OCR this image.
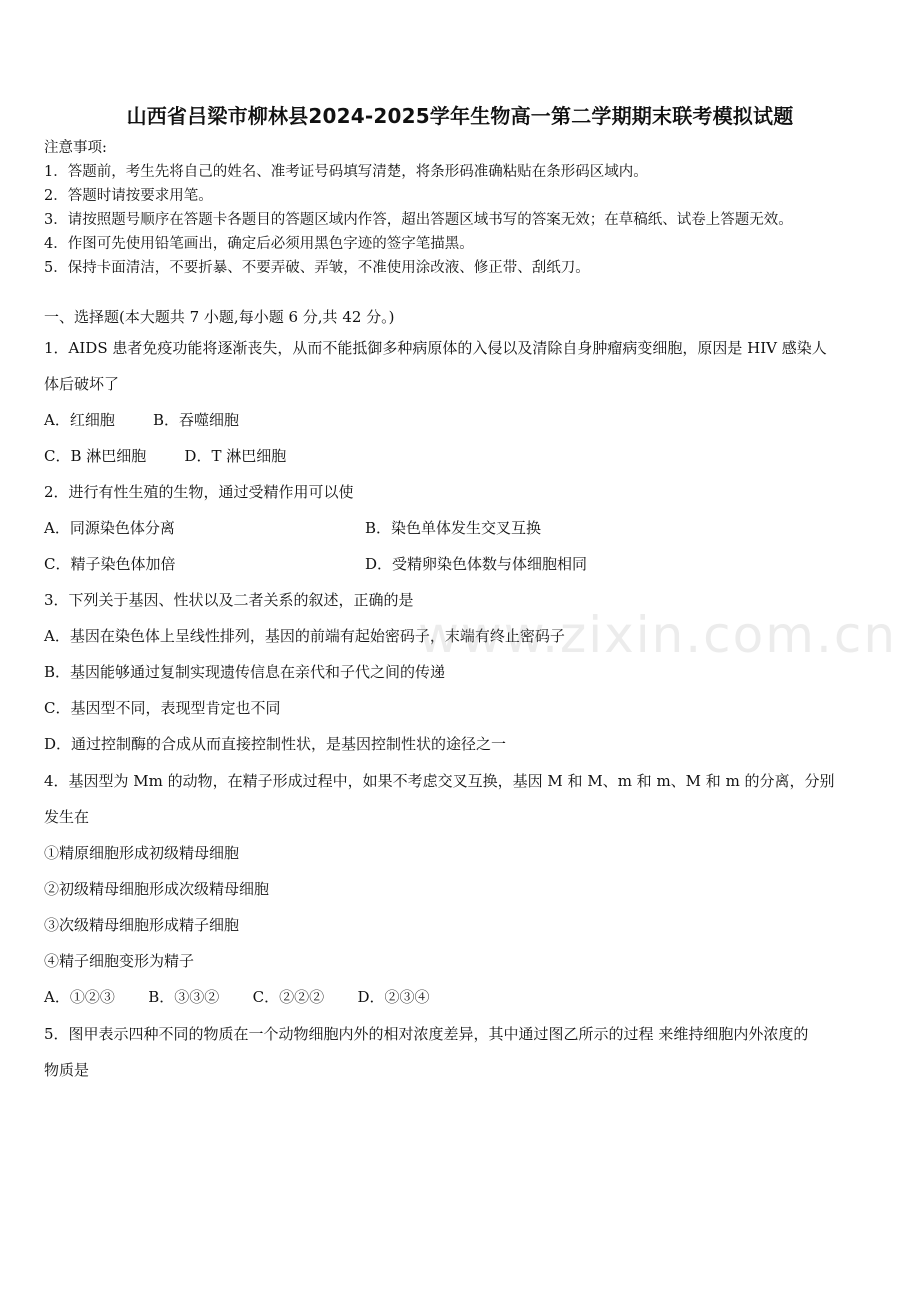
山西省吕梁市柳林县2024-2025学年生物高一第二学期期末联考模拟试题
注意事项:
1．答题前，考生先将自己的姓名、准考证号码填写清楚，将条形码准确粘贴在条形码区域内。
2．答题时请按要求用笔。
3．请按照题号顺序在答题卡各题目的答题区域内作答，超出答题区域书写的答案无效；在草稿纸、试卷上答题无效。
4．作图可先使用铅笔画出，确定后必须用黑色字迹的签字笔描黑。
5．保持卡面清洁，不要折暴、不要弄破、弄皱，不准使用涂改液、修正带、刮纸刀。
一、选择题(本大题共 7 小题,每小题 6 分,共 42 分。)
1．AIDS 患者免疫功能将逐渐丧失，从而不能抵御多种病原体的入侵以及清除自身肿瘤病变细胞，原因是 HIV 感染人
体后破坏了
A．红细胞        B．吞噬细胞
C．B 淋巴细胞        D．T 淋巴细胞
2．进行有性生殖的生物，通过受精作用可以使
A．同源染色体分离	B．染色单体发生交叉互换
C．精子染色体加倍	D．受精卵染色体数与体细胞相同
3．下列关于基因、性状以及二者关系的叙述，正确的是
A．基因在染色体上呈线性排列，基因的前端有起始密码子，末端有终止密码子
B．基因能够通过复制实现遗传信息在亲代和子代之间的传递
C．基因型不同，表现型肯定也不同
D．通过控制酶的合成从而直接控制性状，是基因控制性状的途径之一
4．基因型为 Mm 的动物，在精子形成过程中，如果不考虑交叉互换，基因 M 和 M、m 和 m、M 和 m 的分离，分别
发生在
①精原细胞形成初级精母细胞
②初级精母细胞形成次级精母细胞
③次级精母细胞形成精子细胞
④精子细胞变形为精子
A．①②③       B．③③②       C．②②②       D．②③④
5．图甲表示四种不同的物质在一个动物细胞内外的相对浓度差异，其中通过图乙所示的过程 来维持细胞内外浓度的
物质是
www.zixin.com.cn
